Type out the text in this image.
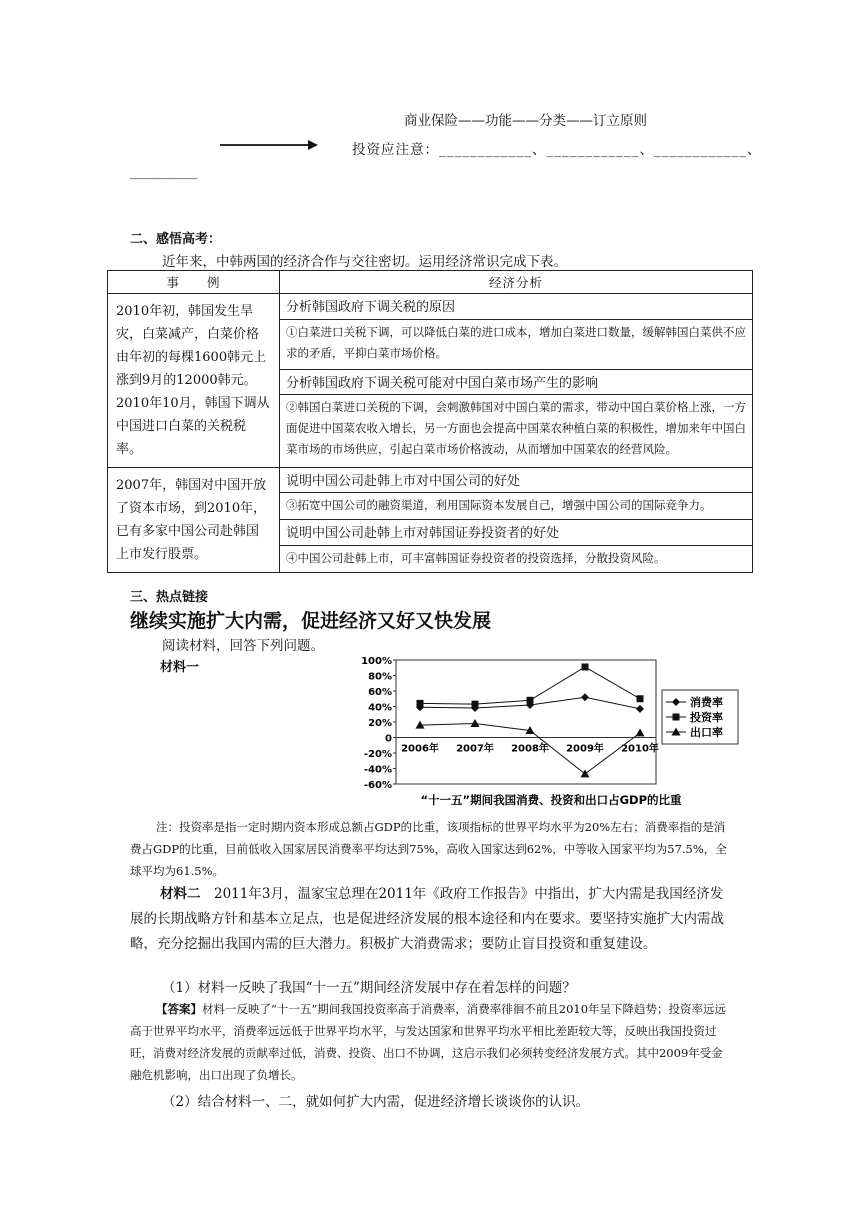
商业保险——功能——分类——订立原则
投资应注意：____________、____________、____________、
__________
二、感悟高考：
近年来，中韩两国的经济合作与交往密切。运用经济常识完成下表。
事　　例	经济分析
2010年初，韩国发生旱灾，白菜减产，白菜价格由年初的每棵1600韩元上涨到9月的12000韩元。2010年10月，韩国下调从中国进口白菜的关税税率。	分析韩国政府下调关税的原因
	①白菜进口关税下调，可以降低白菜的进口成本，增加白菜进口数量，缓解韩国白菜供不应求的矛盾，平抑白菜市场价格。
	分析韩国政府下调关税可能对中国白菜市场产生的影响
	②韩国白菜进口关税的下调，会刺激韩国对中国白菜的需求，带动中国白菜价格上涨，一方面促进中国菜农收入增长，另一方面也会提高中国菜农种植白菜的积极性，增加来年中国白菜市场的市场供应，引起白菜市场价格波动，从而增加中国菜农的经营风险。
2007年，韩国对中国开放了资本市场，到2010年，已有多家中国公司赴韩国上市发行股票。	说明中国公司赴韩上市对中国公司的好处
	③拓宽中国公司的融资渠道，利用国际资本发展自己，增强中国公司的国际竞争力。
	说明中国公司赴韩上市对韩国证券投资者的好处
	④中国公司赴韩上市，可丰富韩国证券投资者的投资选择，分散投资风险。
三、热点链接
继续实施扩大内需，促进经济又好又快发展
阅读材料，回答下列问题。
材料一	100%
80%
60%
40%
20%
0
-20%
-40%
-60%
2006年 2007年 2008年 2009年 2010年
消费率
投资率
出口率
“十一五”期间我国消费、投资和出口占GDP的比重
注：投资率是指一定时期内资本形成总额占GDP的比重，该项指标的世界平均水平为20%左右；消费率指的是消费占GDP的比重，目前低收入国家居民消费率平均达到75%，高收入国家达到62%，中等收入国家平均为57.5%，全球平均为61.5%。
材料二　2011年3月，温家宝总理在2011年《政府工作报告》中指出，扩大内需是我国经济发展的长期战略方针和基本立足点，也是促进经济发展的根本途径和内在要求。要坚持实施扩大内需战略，充分挖掘出我国内需的巨大潜力。积极扩大消费需求；要防止盲目投资和重复建设。
（1）材料一反映了我国“十一五”期间经济发展中存在着怎样的问题？
【答案】材料一反映了“十一五”期间我国投资率高于消费率，消费率徘徊不前且2010年呈下降趋势；投资率远远高于世界平均水平，消费率远远低于世界平均水平，与发达国家和世界平均水平相比差距较大等，反映出我国投资过旺，消费对经济发展的贡献率过低，消费、投资、出口不协调，这启示我们必须转变经济发展方式。其中2009年受金融危机影响，出口出现了负增长。
（2）结合材料一、二，就如何扩大内需，促进经济增长谈谈你的认识。
